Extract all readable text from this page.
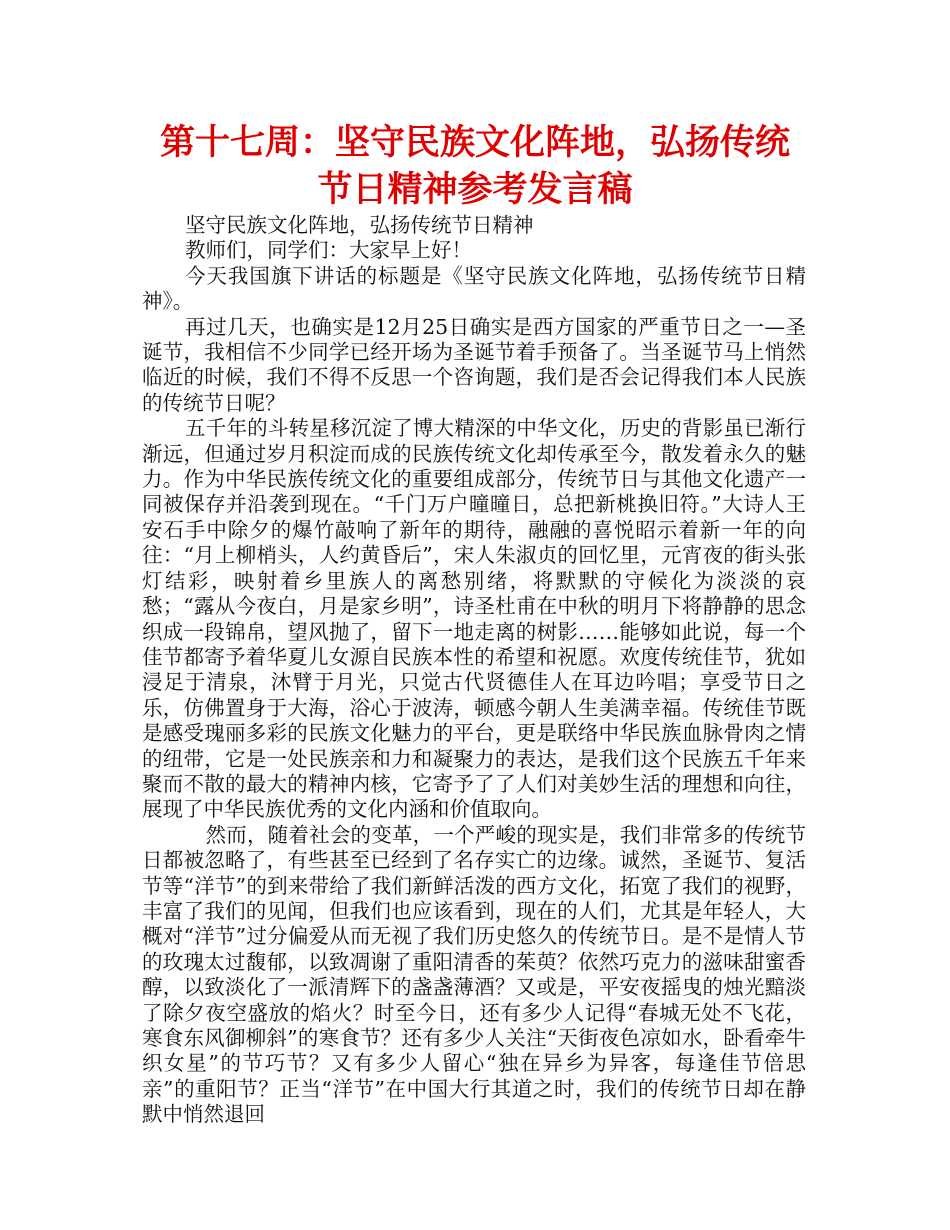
第十七周：坚守民族文化阵地，弘扬传统
节日精神参考发言稿

坚守民族文化阵地，弘扬传统节日精神

教师们，同学们：大家早上好！

今天我国旗下讲话的标题是《坚守民族文化阵地，弘扬传统节日精神》。

再过几天，也确实是12月25日确实是西方国家的严重节日之一—圣诞节，我相信不少同学已经开场为圣诞节着手预备了。当圣诞节马上悄然临近的时候，我们不得不反思一个咨询题，我们是否会记得我们本人民族的传统节日呢？

五千年的斗转星移沉淀了博大精深的中华文化，历史的背影虽已渐行渐远，但通过岁月积淀而成的民族传统文化却传承至今，散发着永久的魅力。作为中华民族传统文化的重要组成部分，传统节日与其他文化遗产一同被保存并沿袭到现在。“千门万户曈曈日，总把新桃换旧符。”大诗人王安石手中除夕的爆竹敲响了新年的期待，融融的喜悦昭示着新一年的向往：“月上柳梢头，人约黄昏后”，宋人朱淑贞的回忆里，元宵夜的街头张灯结彩，映射着乡里族人的离愁别绪，将默默的守候化为淡淡的哀愁；“露从今夜白，月是家乡明”，诗圣杜甫在中秋的明月下将静静的思念织成一段锦帛，望风抛了，留下一地走离的树影……能够如此说，每一个佳节都寄予着华夏儿女源自民族本性的希望和祝愿。欢度传统佳节，犹如浸足于清泉，沐臂于月光，只觉古代贤德佳人在耳边吟唱；享受节日之乐，仿佛置身于大海，浴心于波涛，顿感今朝人生美满幸福。传统佳节既是感受瑰丽多彩的民族文化魅力的平台，更是联络中华民族血脉骨肉之情的纽带，它是一处民族亲和力和凝聚力的表达，是我们这个民族五千年来聚而不散的最大的精神内核，它寄予了了人们对美妙生活的理想和向往，展现了中华民族优秀的文化内涵和价值取向。

然而，随着社会的变革，一个严峻的现实是，我们非常多的传统节日都被忽略了，有些甚至已经到了名存实亡的边缘。诚然，圣诞节、复活节等“洋节”的到来带给了我们新鲜活泼的西方文化，拓宽了我们的视野，丰富了我们的见闻，但我们也应该看到，现在的人们，尤其是年轻人，大概对“洋节”过分偏爱从而无视了我们历史悠久的传统节日。是不是情人节的玫瑰太过馥郁，以致凋谢了重阳清香的茱萸？依然巧克力的滋味甜蜜香醇，以致淡化了一派清辉下的盏盏薄酒？又或是，平安夜摇曳的烛光黯淡了除夕夜空盛放的焰火？时至今日，还有多少人记得“春城无处不飞花，寒食东风御柳斜”的寒食节？还有多少人关注“天街夜色凉如水，卧看牵牛织女星”的节巧节？又有多少人留心“独在异乡为异客，每逢佳节倍思亲”的重阳节？正当“洋节”在中国大行其道之时，我们的传统节日却在静默中悄然退回
